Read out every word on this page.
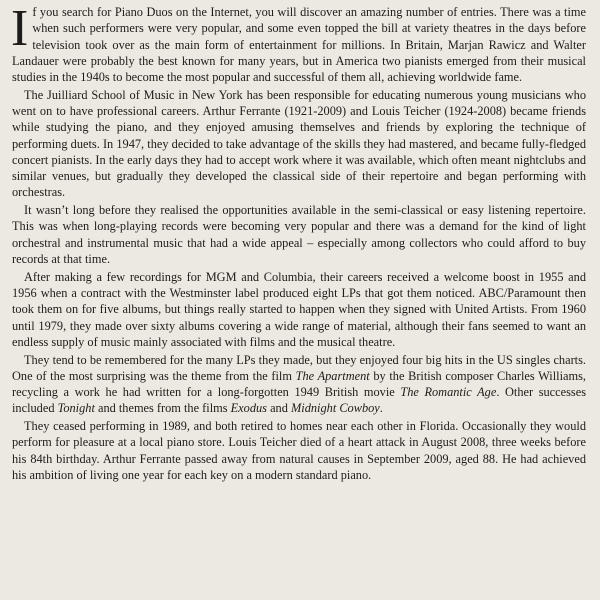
If you search for Piano Duos on the Internet, you will discover an amazing number of entries. There was a time when such performers were very popular, and some even topped the bill at variety theatres in the days before television took over as the main form of entertainment for millions. In Britain, Marjan Rawicz and Walter Landauer were probably the best known for many years, but in America two pianists emerged from their musical studies in the 1940s to become the most popular and successful of them all, achieving worldwide fame.

The Juilliard School of Music in New York has been responsible for educating numerous young musicians who went on to have professional careers. Arthur Ferrante (1921-2009) and Louis Teicher (1924-2008) became friends while studying the piano, and they enjoyed amusing themselves and friends by exploring the technique of performing duets. In 1947, they decided to take advantage of the skills they had mastered, and became fully-fledged concert pianists. In the early days they had to accept work where it was available, which often meant nightclubs and similar venues, but gradually they developed the classical side of their repertoire and began performing with orchestras.

It wasn’t long before they realised the opportunities available in the semi-classical or easy listening repertoire. This was when long-playing records were becoming very popular and there was a demand for the kind of light orchestral and instrumental music that had a wide appeal – especially among collectors who could afford to buy records at that time.

After making a few recordings for MGM and Columbia, their careers received a welcome boost in 1955 and 1956 when a contract with the Westminster label produced eight LPs that got them noticed. ABC/Paramount then took them on for five albums, but things really started to happen when they signed with United Artists. From 1960 until 1979, they made over sixty albums covering a wide range of material, although their fans seemed to want an endless supply of music mainly associated with films and the musical theatre.

They tend to be remembered for the many LPs they made, but they enjoyed four big hits in the US singles charts. One of the most surprising was the theme from the film The Apartment by the British composer Charles Williams, recycling a work he had written for a long-forgotten 1949 British movie The Romantic Age. Other successes included Tonight and themes from the films Exodus and Midnight Cowboy.

They ceased performing in 1989, and both retired to homes near each other in Florida. Occasionally they would perform for pleasure at a local piano store. Louis Teicher died of a heart attack in August 2008, three weeks before his 84th birthday. Arthur Ferrante passed away from natural causes in September 2009, aged 88. He had achieved his ambition of living one year for each key on a modern standard piano.
